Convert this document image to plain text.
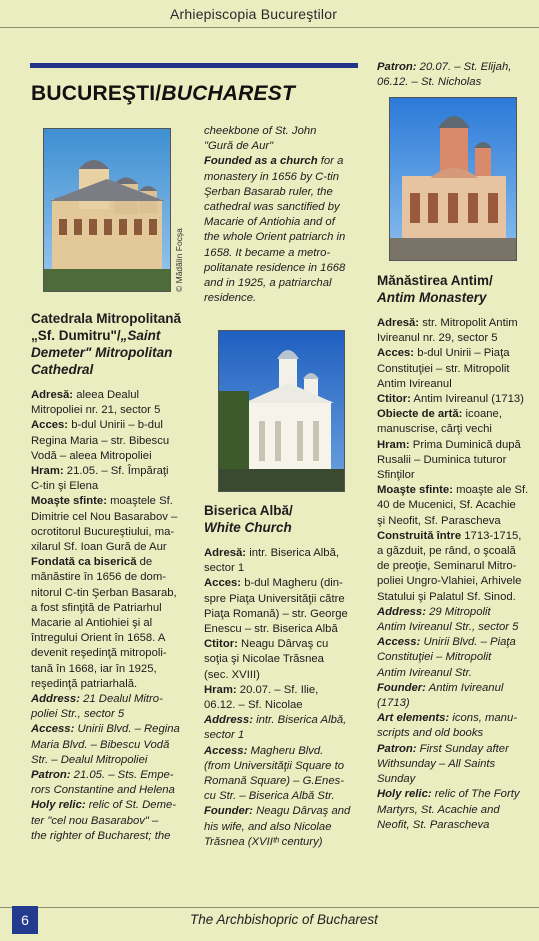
Arhiepiscopia Bucureştilor
BUCUREŞTI/BUCHAREST
© Mădălin Focşa

Catedrala Mitropolitană
„Sf. Dumitru"/„Saint
Demeter" Mitropolitan
Cathedral

Adresă: aleea Dealul
Mitropoliei nr. 21, sector 5
Acces: b-dul Unirii – b-dul
Regina Maria – str. Bibescu
Vodă – aleea Mitropoliei
Hram: 21.05. – Sf. Împăraţi
C-tin şi Elena
Moaşte sfinte: moaştele Sf.
Dimitrie cel Nou Basarabov –
ocrotitorul Bucureştiului, ma-
xilarul Sf. Ioan Gură de Aur
Fondată ca biserică de
mănăstire în 1656 de dom-
nitorul C-tin Şerban Basarab,
a fost sfinţită de Patriarhul
Macarie al Antiohiei şi al
întregului Orient în 1658. A
devenit reşedinţă mitropoli-
tană în 1668, iar în 1925,
reşedinţă patriarhală.
Address: 21 Dealul Mitro-
poliei Str., sector 5
Access: Unirii Blvd. – Regina
Maria Blvd. – Bibescu Vodă
Str. – Dealul Mitropoliei
Patron: 21.05. – Sts. Empe-
rors Constantine and Helena
Holy relic: relic of St. Deme-
ter "cel nou Basarabov" –
the righter of Bucharest; the
cheekbone of St. John
"Gură de Aur"
Founded as a church for a
monastery in 1656 by C-tin
Şerban Basarab ruler, the
cathedral was sanctified by
Macarie of Antiohia and of
the whole Orient patriarch in
1658. It became a metro-
politanate residence in 1668
and in 1925, a patriarchal
residence.

Biserica Albă/
White Church

Adresă: intr. Biserica Albă,
sector 1
Acces: b-dul Magheru (din-
spre Piaţa Universităţii către
Piaţa Romană) – str. George
Enescu – str. Biserica Albă
Ctitor: Neagu Dârvaş cu
soţia şi Nicolae Trăsnea
(sec. XVIII)
Hram: 20.07. – Sf. Ilie,
06.12. – Sf. Nicolae
Address: intr. Biserica Albă,
sector 1
Access: Magheru Blvd.
(from Universităţii Square to
Romană Square) – G.Enes-
cu Str. – Biserica Albă Str.
Founder: Neagu Dârvaş and
his wife, and also Nicolae
Trăsnea (XVIIᵗʰ century)
Patron: 20.07. – St. Elijah,
06.12. – St. Nicholas

Mănăstirea Antim/
Antim Monastery

Adresă: str. Mitropolit Antim
Ivireanul nr. 29, sector 5
Acces: b-dul Unirii – Piaţa
Constituţiei – str. Mitropolit
Antim Ivireanul
Ctitor: Antim Ivireanul (1713)
Obiecte de artă: icoane,
manuscrise, cărţi vechi
Hram: Prima Duminică după
Rusalii – Duminica tuturor
Sfinţilor
Moaşte sfinte: moaşte ale Sf.
40 de Mucenici, Sf. Acachie
şi Neofit, Sf. Parascheva
Construită între 1713-1715,
a găzduit, pe rând, o şcoală
de preoţie, Seminarul Mitro-
poliei Ungro-Vlahiei, Arhivele
Statului şi Palatul Sf. Sinod.
Address: 29 Mitropolit
Antim Ivireanul Str., sector 5
Access: Unirii Blvd. – Piaţa
Constituţiei – Mitropolit
Antim Ivireanul Str.
Founder: Antim Ivireanul
(1713)
Art elements: icons, manu-
scripts and old books
Patron: First Sunday after
Withsunday – All Saints
Sunday
Holy relic: relic of The Forty
Martyrs, St. Acachie and
Neofit, St. Parascheva
6	The Archbishopric of Bucharest
